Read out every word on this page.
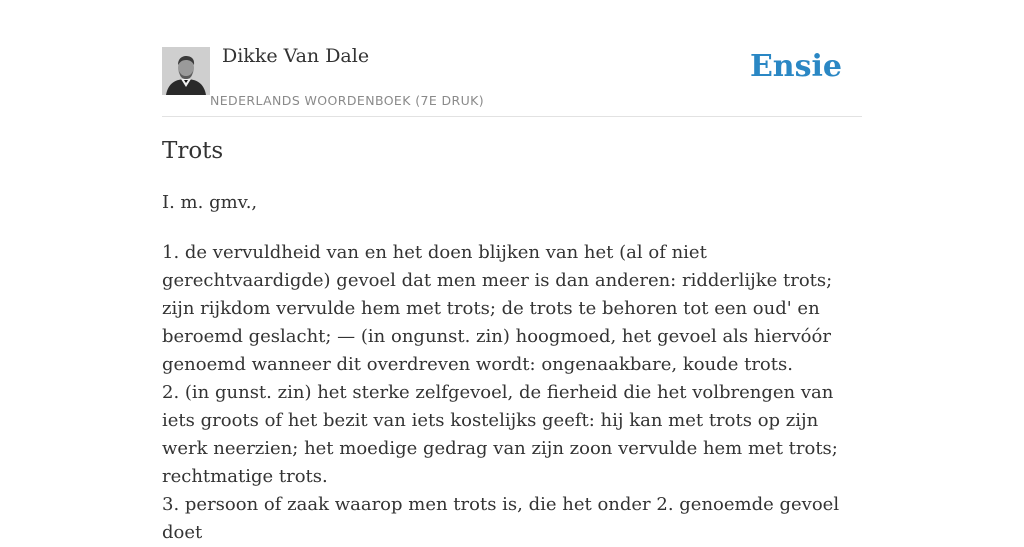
Dikke Van Dale
NEDERLANDS WOORDENBOEK (7E DRUK)
Ensie
Trots
I. m. gmv.,

1. de vervuldheid van en het doen blijken van het (al of niet gerechtvaardigde) gevoel dat men meer is dan anderen: ridderlijke trots; zijn rijkdom vervulde hem met trots; de trots te behoren tot een oud' en beroemd geslacht; — (in ongunst. zin) hoogmoed, het gevoel als hiervóór genoemd wanneer dit overdreven wordt: ongenaakbare, koude trots.

2. (in gunst. zin) het sterke zelfgevoel, de fierheid die het volbrengen van iets groots of het bezit van iets kostelijks geeft: hij kan met trots op zijn werk neerzien; het moedige gedrag van zijn zoon vervulde hem met trots; rechtmatige trots.

3. persoon of zaak waarop men trots is, die het onder 2. genoemde gevoel doet
